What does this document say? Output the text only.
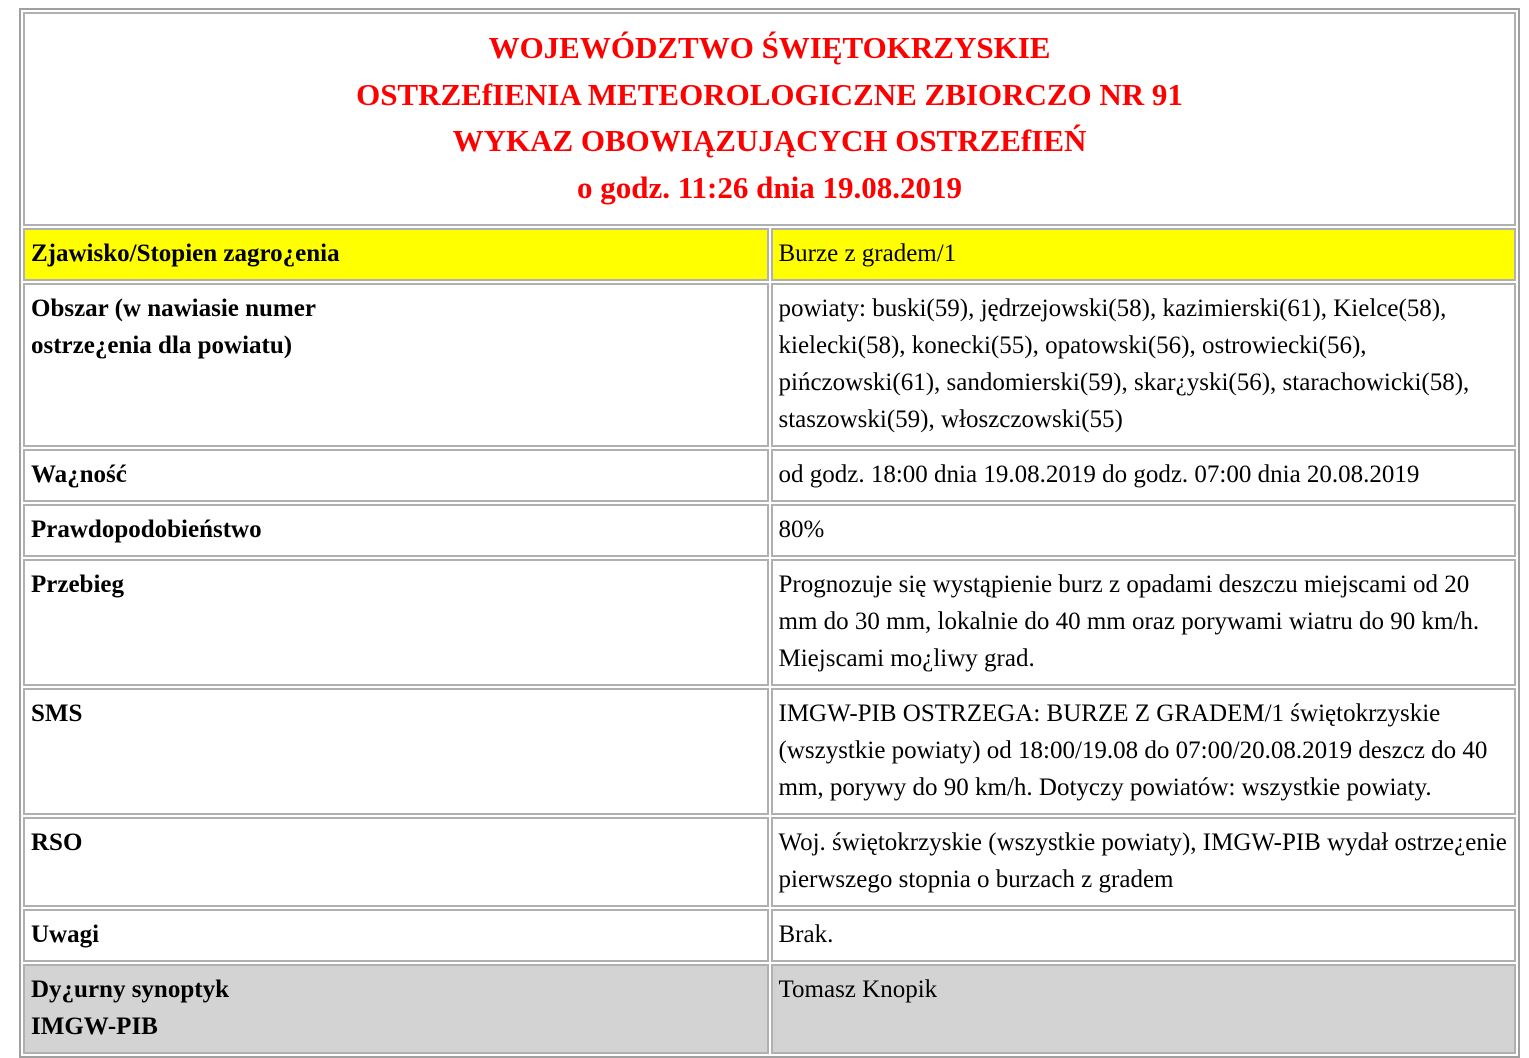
WOJEWÓDZTWO ŚWIĘTOKRZYSKIE
OSTRZEfIENIA METEOROLOGICZNE ZBIORCZO NR 91
WYKAZ OBOWIĄZUJĄCYCH OSTRZEfIEŃ
o godz. 11:26 dnia 19.08.2019	

Zjawisko/Stopien zagro¿enia	Burze z gradem/1

Obszar (w nawiasie numer
ostrze¿enia dla powiatu)	powiaty: buski(59), jędrzejowski(58), kazimierski(61), Kielce(58), kielecki(58), konecki(55), opatowski(56), ostrowiecki(56), pińczowski(61), sandomierski(59), skar¿yski(56), starachowicki(58), staszowski(59), włoszczowski(55)
Wa¿ność	od godz. 18:00 dnia 19.08.2019 do godz. 07:00 dnia 20.08.2019
Prawdopodobieństwo	80%
Przebieg	Prognozuje się wystąpienie burz z opadami deszczu miejscami od 20 mm do 30 mm, lokalnie do 40 mm oraz porywami wiatru do 90 km/h. Miejscami mo¿liwy grad.
SMS	IMGW-PIB OSTRZEGA: BURZE Z GRADEM/1 świętokrzyskie (wszystkie powiaty) od 18:00/19.08 do 07:00/20.08.2019 deszcz do 40 mm, porywy do 90 km/h. Dotyczy powiatów: wszystkie powiaty.
RSO	Woj. świętokrzyskie (wszystkie powiaty), IMGW-PIB wydał ostrze¿enie pierwszego stopnia o burzach z gradem
Uwagi	Brak.

Dy¿urny synoptyk
IMGW-PIB	Tomasz Knopik
